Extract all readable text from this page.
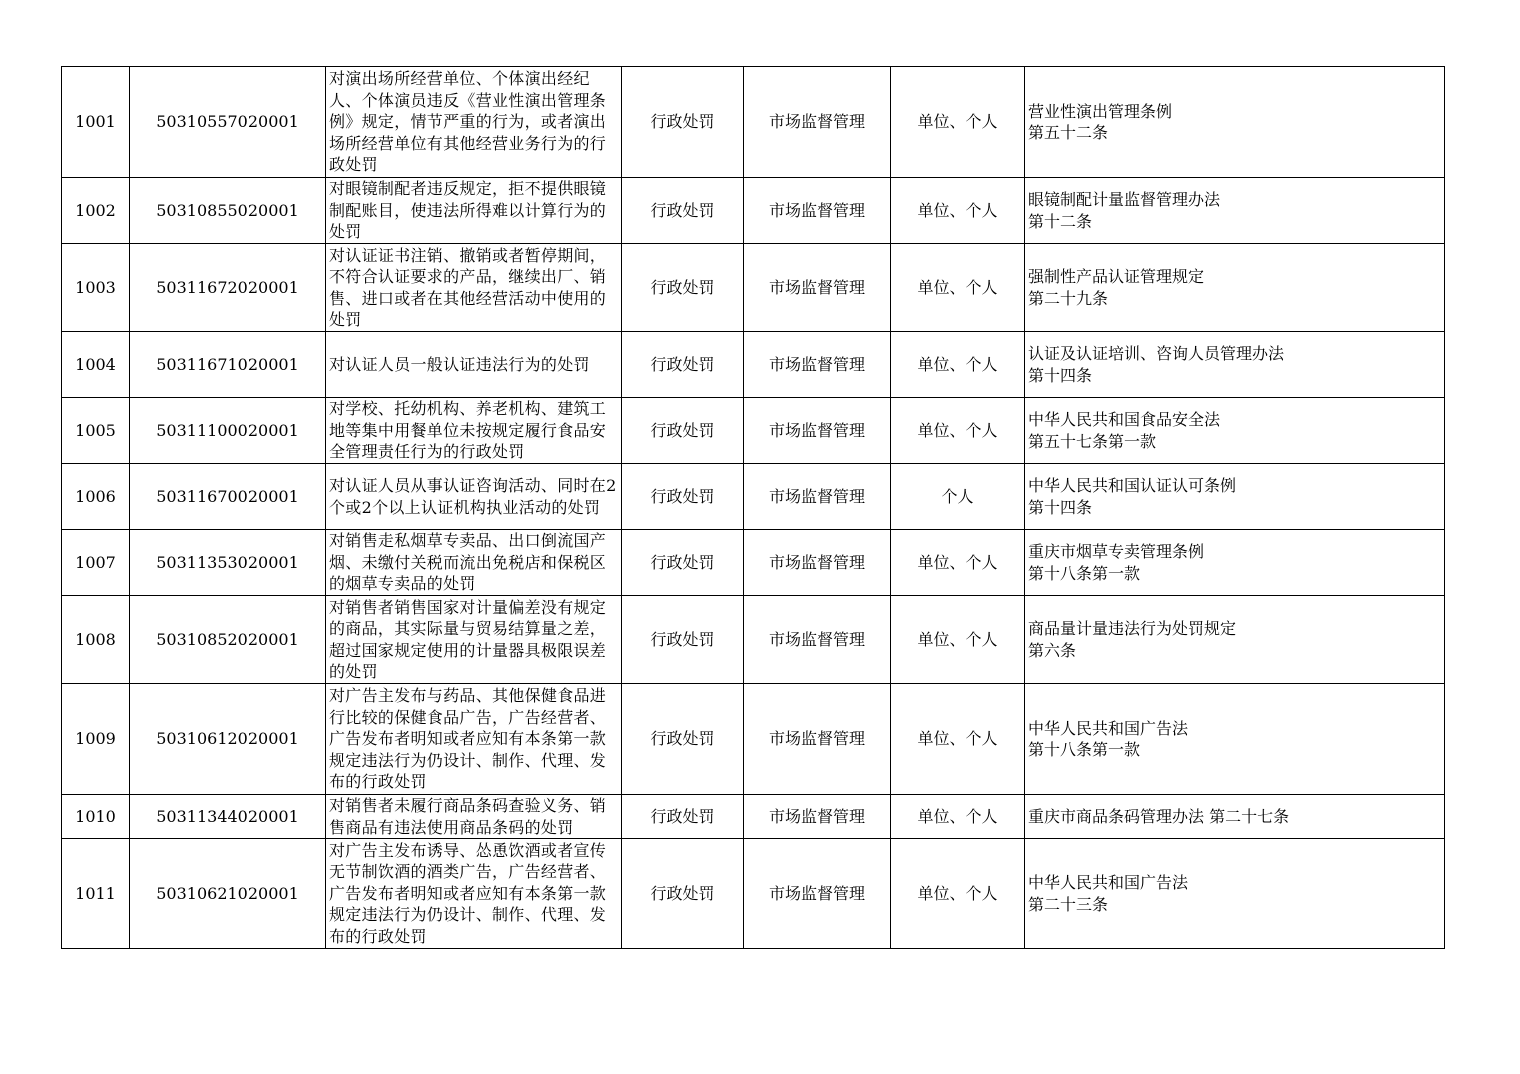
1001	50310557020001	对演出场所经营单位、个体演出经纪人、个体演员违反《营业性演出管理条例》规定，情节严重的行为，或者演出场所经营单位有其他经营业务行为的行政处罚	行政处罚	市场监督管理	单位、个人	营业性演出管理条例
第五十二条

1002	50310855020001	对眼镜制配者违反规定，拒不提供眼镜制配账目，使违法所得难以计算行为的处罚	行政处罚	市场监督管理	单位、个人	眼镜制配计量监督管理办法
第十二条

1003	50311672020001	对认证证书注销、撤销或者暂停期间，不符合认证要求的产品，继续出厂、销售、进口或者在其他经营活动中使用的处罚	行政处罚	市场监督管理	单位、个人	强制性产品认证管理规定
第二十九条

1004	50311671020001	对认证人员一般认证违法行为的处罚	行政处罚	市场监督管理	单位、个人	认证及认证培训、咨询人员管理办法
第十四条

1005	50311100020001	对学校、托幼机构、养老机构、建筑工地等集中用餐单位未按规定履行食品安全管理责任行为的行政处罚	行政处罚	市场监督管理	单位、个人	中华人民共和国食品安全法
第五十七条第一款

1006	50311670020001	对认证人员从事认证咨询活动、同时在2个或2个以上认证机构执业活动的处罚	行政处罚	市场监督管理	个人	中华人民共和国认证认可条例
第十四条

1007	50311353020001	对销售走私烟草专卖品、出口倒流国产烟、未缴付关税而流出免税店和保税区的烟草专卖品的处罚	行政处罚	市场监督管理	单位、个人	重庆市烟草专卖管理条例
第十八条第一款

1008	50310852020001	对销售者销售国家对计量偏差没有规定的商品，其实际量与贸易结算量之差，超过国家规定使用的计量器具极限误差的处罚	行政处罚	市场监督管理	单位、个人	商品量计量违法行为处罚规定
第六条

1009	50310612020001	对广告主发布与药品、其他保健食品进行比较的保健食品广告，广告经营者、广告发布者明知或者应知有本条第一款规定违法行为仍设计、制作、代理、发布的行政处罚	行政处罚	市场监督管理	单位、个人	中华人民共和国广告法
第十八条第一款

1010	50311344020001	对销售者未履行商品条码查验义务、销售商品有违法使用商品条码的处罚	行政处罚	市场监督管理	单位、个人	重庆市商品条码管理办法 第二十七条

1011	50310621020001	对广告主发布诱导、怂恿饮酒或者宣传无节制饮酒的酒类广告，广告经营者、广告发布者明知或者应知有本条第一款规定违法行为仍设计、制作、代理、发布的行政处罚	行政处罚	市场监督管理	单位、个人	中华人民共和国广告法
第二十三条
